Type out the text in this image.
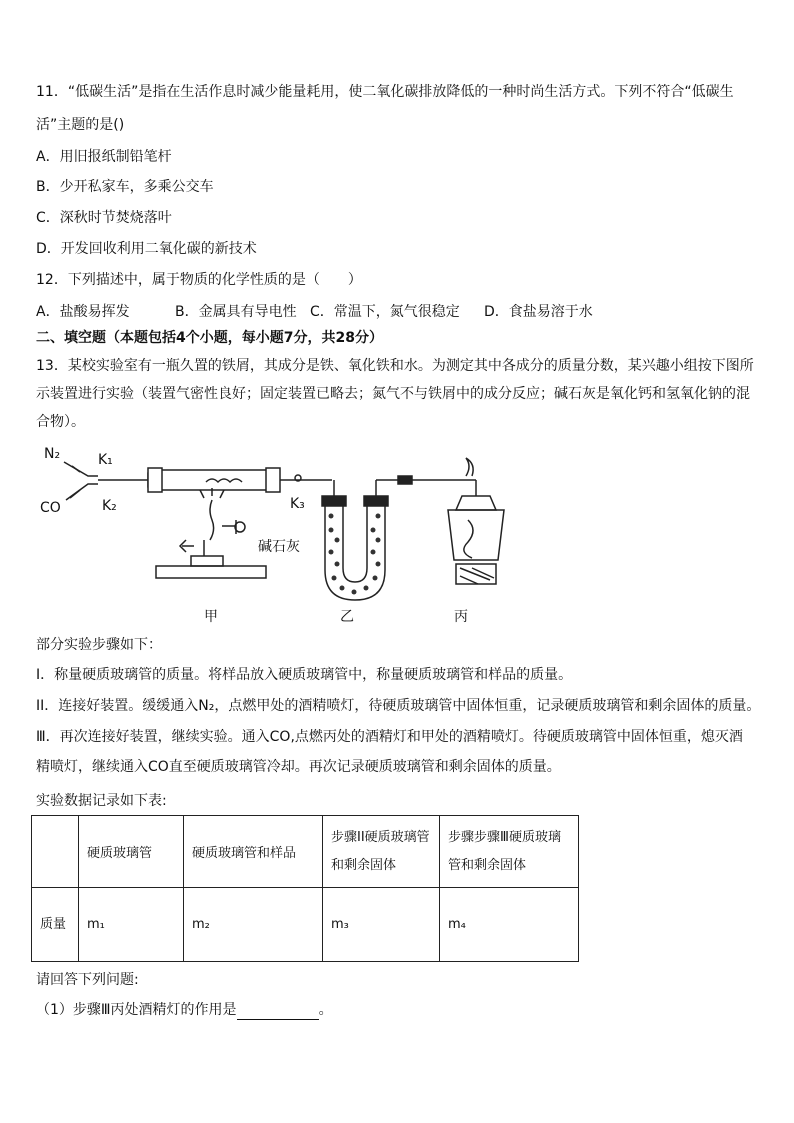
11．“低碳生活”是指在生活作息时减少能量耗用，使二氧化碳排放降低的一种时尚生活方式。下列不符合“低碳生
活”主题的是()
A．用旧报纸制铅笔杆
B．少开私家车，多乘公交车
C．深秋时节焚烧落叶
D．开发回收利用二氧化碳的新技术
12．下列描述中，属于物质的化学性质的是（　　）
A．盐酸易挥发	B．金属具有导电性 C．常温下，氮气很稳定 D．食盐易溶于水
二、填空题（本题包括4个小题，每小题7分，共28分）
13．某校实验室有一瓶久置的铁屑，其成分是铁、氧化铁和水。为测定其中各成分的质量分数，某兴趣小组按下图所示装置进行实验（装置气密性良好；固定装置已略去；氮气不与铁屑中的成分反应；碱石灰是氧化钙和氢氧化钠的混合物）。
N₂	K₁
CO	K₂	K₃
碱石灰
甲	乙	丙
部分实验步骤如下：
Ⅰ．称量硬质玻璃管的质量。将样品放入硬质玻璃管中，称量硬质玻璃管和样品的质量。
II．连接好装置。缓缓通入N₂，点燃甲处的酒精喷灯，待硬质玻璃管中固体恒重，记录硬质玻璃管和剩余固体的质量。
Ⅲ．再次连接好装置，继续实验。通入CO,点燃丙处的酒精灯和甲处的酒精喷灯。待硬质玻璃管中固体恒重，熄灭酒精喷灯，继续通入CO直至硬质玻璃管冷却。再次记录硬质玻璃管和剩余固体的质量。
实验数据记录如下表:
	硬质玻璃管	硬质玻璃管和样品	步骤II硬质玻璃管和剩余固体	步骤步骤Ⅲ硬质玻璃管和剩余固体
质量	m₁	m₂	m₃	m₄
请回答下列问题:
（1）步骤Ⅲ丙处酒精灯的作用是	。
